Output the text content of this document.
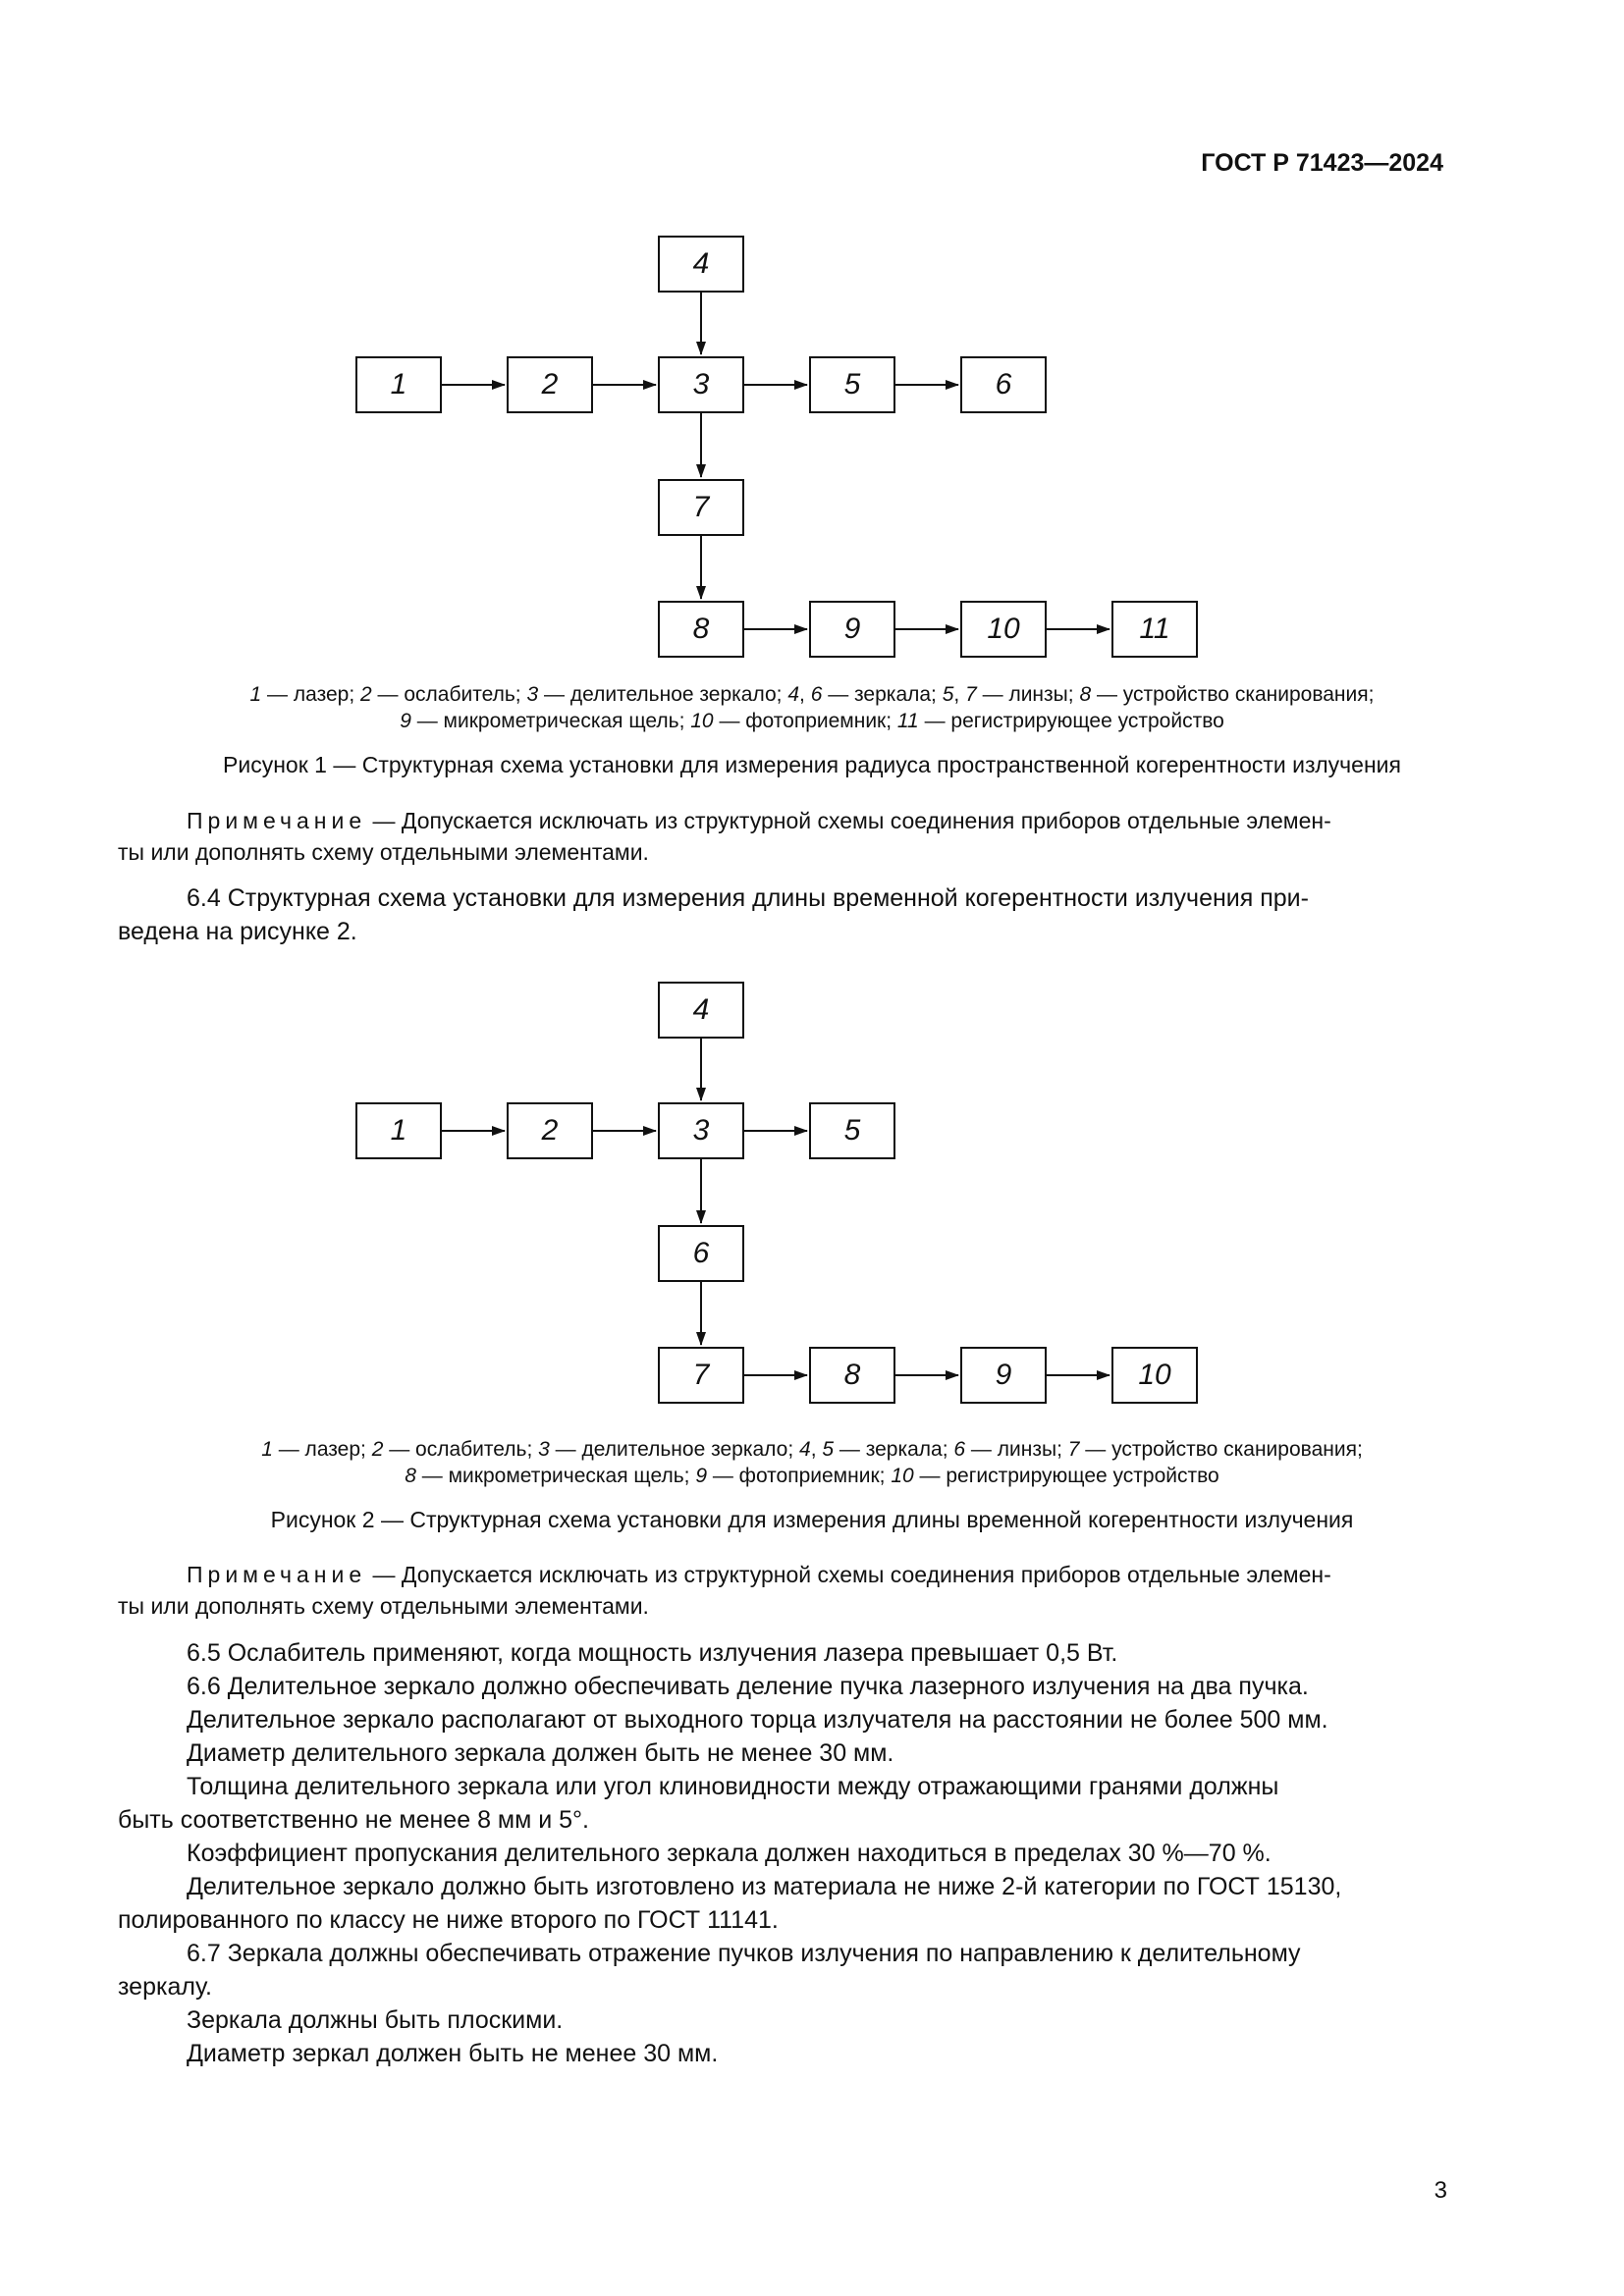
ГОСТ Р 71423—2024
4
1	2	3	5	6
7
8	9	10	11
1 — лазер; 2 — ослабитель; 3 — делительное зеркало; 4, 6 — зеркала; 5, 7 — линзы; 8 — устройство сканирования;
9 — микрометрическая щель; 10 — фотоприемник; 11 — регистрирующее устройство
Рисунок 1 — Структурная схема установки для измерения радиуса пространственной когерентности излучения
Примечание — Допускается исключать из структурной схемы соединения приборов отдельные элемен-
ты или дополнять схему отдельными элементами.
6.4 Структурная схема установки для измерения длины временной когерентности излучения при-
ведена на рисунке 2.
4
1	2	3	5
6
7	8	9	10
1 — лазер; 2 — ослабитель; 3 — делительное зеркало; 4, 5 — зеркала; 6 — линзы; 7 — устройство сканирования;
8 — микрометрическая щель; 9 — фотоприемник; 10 — регистрирующее устройство
Рисунок 2 — Структурная схема установки для измерения длины временной когерентности излучения
Примечание — Допускается исключать из структурной схемы соединения приборов отдельные элемен-
ты или дополнять схему отдельными элементами.
6.5 Ослабитель применяют, когда мощность излучения лазера превышает 0,5 Вт.
6.6 Делительное зеркало должно обеспечивать деление пучка лазерного излучения на два пучка.
Делительное зеркало располагают от выходного торца излучателя на расстоянии не более 500 мм.
Диаметр делительного зеркала должен быть не менее 30 мм.
Толщина делительного зеркала или угол клиновидности между отражающими гранями должны
быть соответственно не менее 8 мм и 5°.
Коэффициент пропускания делительного зеркала должен находиться в пределах 30 %—70 %.
Делительное зеркало должно быть изготовлено из материала не ниже 2-й категории по ГОСТ 15130,
полированного по классу не ниже второго по ГОСТ 11141.
6.7 Зеркала должны обеспечивать отражение пучков излучения по направлению к делительному
зеркалу.
Зеркала должны быть плоскими.
Диаметр зеркал должен быть не менее 30 мм.
3
